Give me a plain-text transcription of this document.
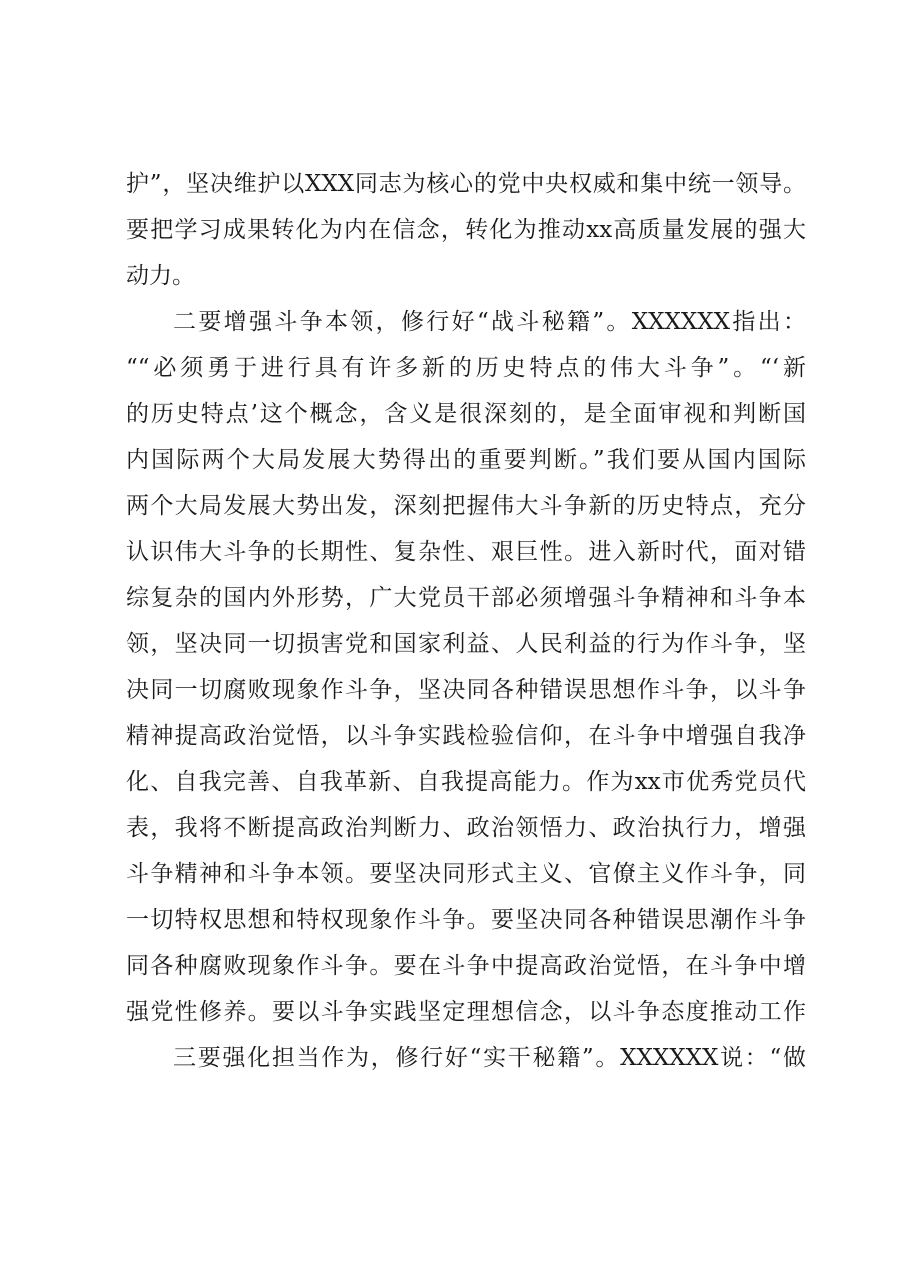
护”，坚决维护以XXX同志为核心的党中央权威和集中统一领导。
要把学习成果转化为内在信念，转化为推动xx高质量发展的强大
动力。
二要增强斗争本领，修行好“战斗秘籍”。XXXXXX指出：
““必须勇于进行具有许多新的历史特点的伟大斗争”。“‘新
的历史特点’这个概念，含义是很深刻的，是全面审视和判断国
内国际两个大局发展大势得出的重要判断。”我们要从国内国际
两个大局发展大势出发，深刻把握伟大斗争新的历史特点，充分
认识伟大斗争的长期性、复杂性、艰巨性。进入新时代，面对错
综复杂的国内外形势，广大党员干部必须增强斗争精神和斗争本
领，坚决同一切损害党和国家利益、人民利益的行为作斗争，坚
决同一切腐败现象作斗争，坚决同各种错误思想作斗争，以斗争
精神提高政治觉悟，以斗争实践检验信仰，在斗争中增强自我净
化、自我完善、自我革新、自我提高能力。作为xx市优秀党员代
表，我将不断提高政治判断力、政治领悟力、政治执行力，增强
斗争精神和斗争本领。要坚决同形式主义、官僚主义作斗争，同
一切特权思想和特权现象作斗争。要坚决同各种错误思潮作斗争
同各种腐败现象作斗争。要在斗争中提高政治觉悟，在斗争中增
强党性修养。要以斗争实践坚定理想信念，以斗争态度推动工作
三要强化担当作为，修行好“实干秘籍”。XXXXXX说：“做
